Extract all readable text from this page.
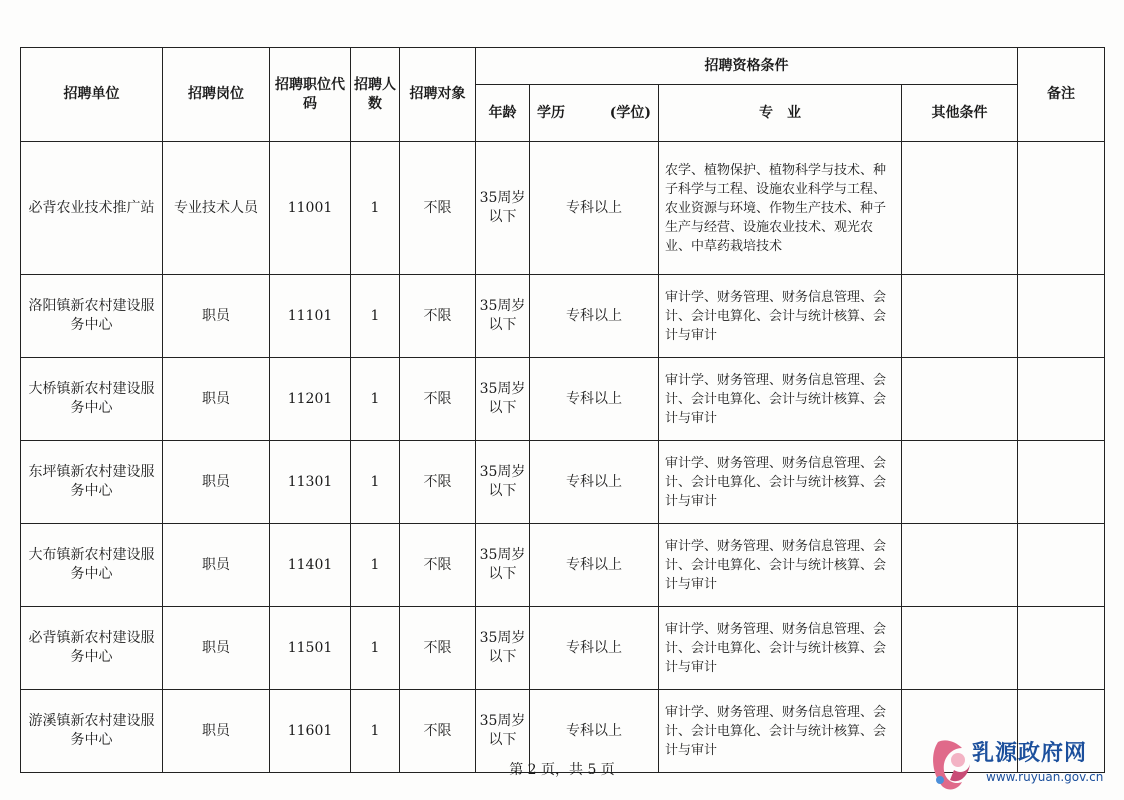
招聘单位	招聘岗位	招聘职位代码	招聘人数	招聘对象	招聘资格条件				备注
					年龄	学历 (学位)	专　业	其他条件	
必背农业技术推广站	专业技术人员	11001	1	不限	35周岁以下	专科以上	农学、植物保护、植物科学与技术、种子科学与工程、设施农业科学与工程、农业资源与环境、作物生产技术、种子生产与经营、设施农业技术、观光农业、中草药栽培技术		
洛阳镇新农村建设服务中心	职员	11101	1	不限	35周岁以下	专科以上	审计学、财务管理、财务信息管理、会计、会计电算化、会计与统计核算、会计与审计		
大桥镇新农村建设服务中心	职员	11201	1	不限	35周岁以下	专科以上	审计学、财务管理、财务信息管理、会计、会计电算化、会计与统计核算、会计与审计		
东坪镇新农村建设服务中心	职员	11301	1	不限	35周岁以下	专科以上	审计学、财务管理、财务信息管理、会计、会计电算化、会计与统计核算、会计与审计		
大布镇新农村建设服务中心	职员	11401	1	不限	35周岁以下	专科以上	审计学、财务管理、财务信息管理、会计、会计电算化、会计与统计核算、会计与审计		
必背镇新农村建设服务中心	职员	11501	1	不限	35周岁以下	专科以上	审计学、财务管理、财务信息管理、会计、会计电算化、会计与统计核算、会计与审计		
游溪镇新农村建设服务中心	职员	11601	1	不限	35周岁以下	专科以上	审计学、财务管理、财务信息管理、会计、会计电算化、会计与统计核算、会计与审计		
第 2 页，共 5 页
乳源政府网
www.ruyuan.gov.cn
